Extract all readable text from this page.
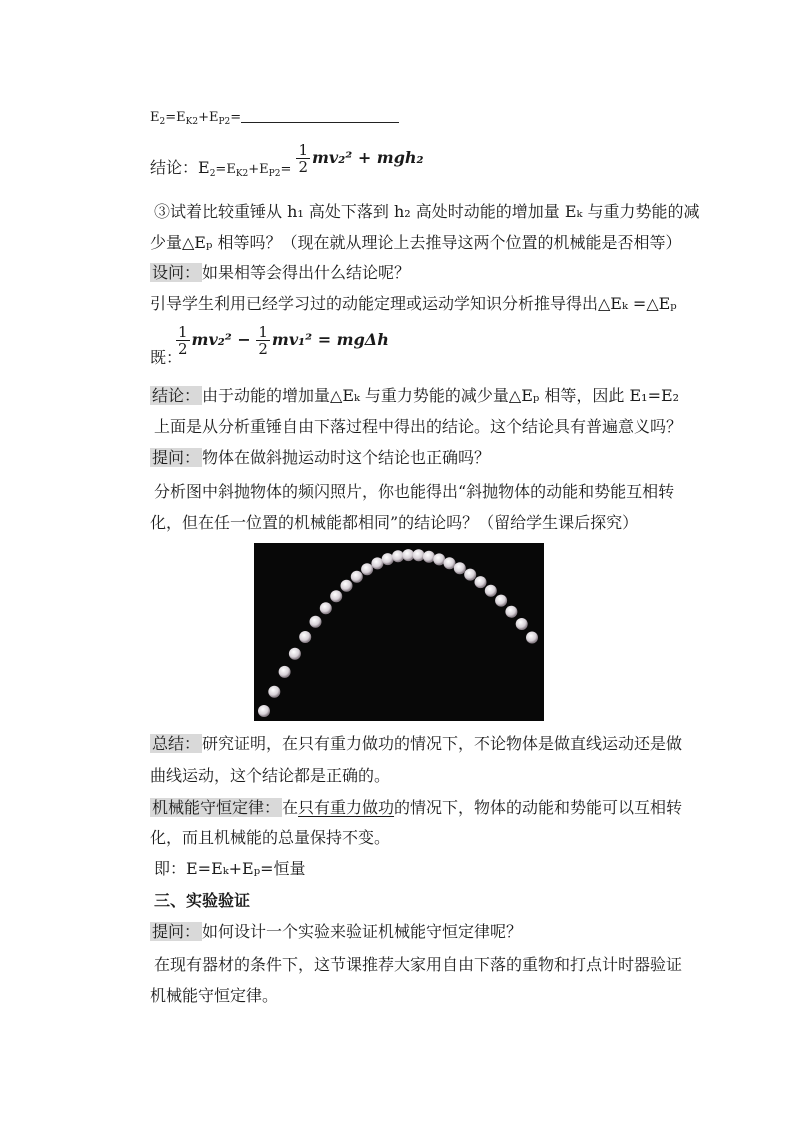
$E_2=E_{K2}+E_{P2}=$
结论：$E_2=E_{K2}+E_{P2}= \frac{1}{2} mv_2^2 + mgh_2$
③试着比较重锤从 h₁ 高处下落到 h₂ 高处时动能的增加量 Eₖ 与重力势能的减
少量△Eₚ 相等吗？（现在就从理论上去推导这两个位置的机械能是否相等）
设问： 如果相等会得出什么结论呢？
引导学生利用已经学习过的动能定理或运动学知识分析推导得出△Eₖ =△Eₚ
既：
$\frac{1}{2} mv_2^2 - \frac{1}{2} mv_1^2 = mg\Delta h$
结论： 由于动能的增加量△Eₖ 与重力势能的减少量△Eₚ 相等，因此 E₁=E₂
上面是从分析重锤自由下落过程中得出的结论。这个结论具有普遍意义吗？
提问： 物体在做斜抛运动时这个结论也正确吗？
分析图中斜抛物体的频闪照片，你也能得出“斜抛物体的动能和势能互相转
化，但在任一位置的机械能都相同”的结论吗？（留给学生课后探究）
总结： 研究证明，在只有重力做功的情况下，不论物体是做直线运动还是做
曲线运动，这个结论都是正确的。
机械能守恒定律： 在只有重力做功的情况下，物体的动能和势能可以互相转
化，而且机械能的总量保持不变。
即：E=Eₖ+Eₚ=恒量
三、实验验证
提问： 如何设计一个实验来验证机械能守恒定律呢？
在现有器材的条件下，这节课推荐大家用自由下落的重物和打点计时器验证
机械能守恒定律。
